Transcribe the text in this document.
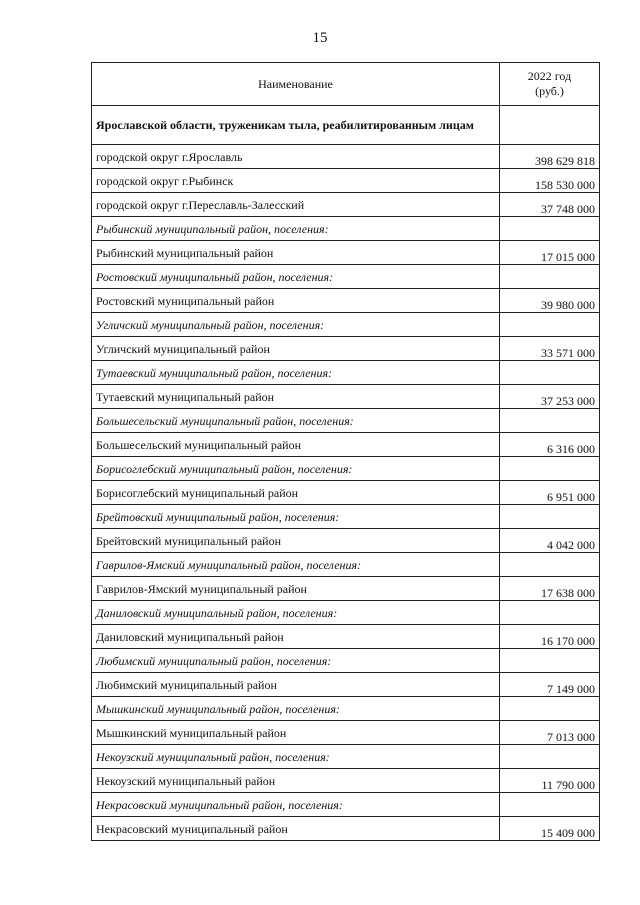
15
Наименование	2022 год
(руб.)
Ярославской области, труженикам тыла, реабилитированным лицам	
городской округ г.Ярославль	398 629 818
городской округ г.Рыбинск	158 530 000
городской округ г.Переславль-Залесский	37 748 000
Рыбинский муниципальный район, поселения:	
Рыбинский муниципальный район	17 015 000
Ростовский муниципальный район, поселения:	
Ростовский муниципальный район	39 980 000
Угличский муниципальный район, поселения:	
Угличский муниципальный район	33 571 000
Тутаевский муниципальный район, поселения:	
Тутаевский муниципальный район	37 253 000
Большесельский муниципальный район, поселения:	
Большесельский муниципальный район	6 316 000
Борисоглебский муниципальный район, поселения:	
Борисоглебский муниципальный район	6 951 000
Брейтовский муниципальный район, поселения:	
Брейтовский муниципальный район	4 042 000
Гаврилов-Ямский муниципальный район, поселения:	
Гаврилов-Ямский муниципальный район	17 638 000
Даниловский муниципальный район, поселения:	
Даниловский муниципальный район	16 170 000
Любимский муниципальный район, поселения:	
Любимский муниципальный район	7 149 000
Мышкинский муниципальный район, поселения:	
Мышкинский муниципальный район	7 013 000
Некоузский муниципальный район, поселения:	
Некоузский муниципальный район	11 790 000
Некрасовский муниципальный район, поселения:	
Некрасовский муниципальный район	15 409 000
